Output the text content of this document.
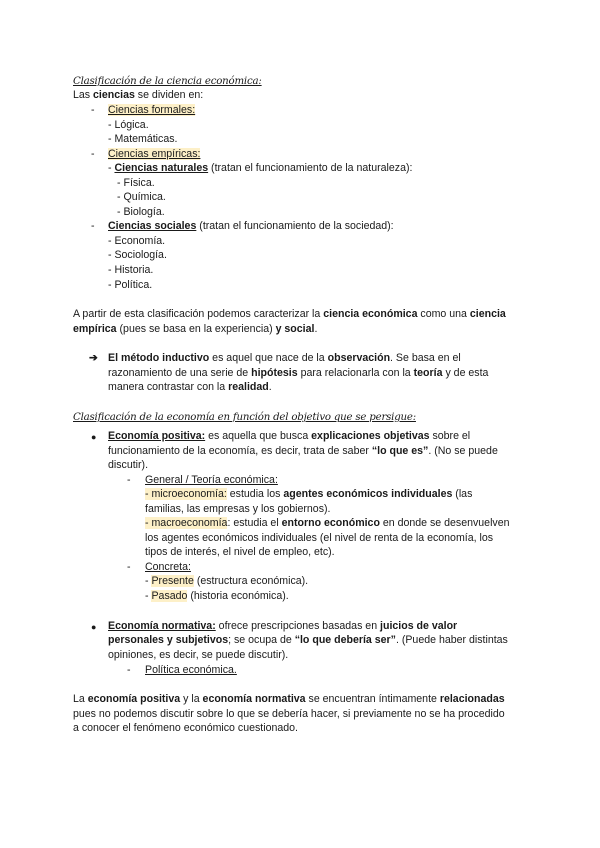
Clasificación de la ciencia económica:
Las ciencias se dividen en:
- Ciencias formales:
- Lógica.
- Matemáticas.
- Ciencias empíricas:
- Ciencias naturales (tratan el funcionamiento de la naturaleza):
- Física.
- Química.
- Biología.
- Ciencias sociales (tratan el funcionamiento de la sociedad):
- Economía.
- Sociología.
- Historia.
- Política.
A partir de esta clasificación podemos caracterizar la ciencia económica como una ciencia
empírica (pues se basa en la experiencia) y social.
➔ El método inductivo es aquel que nace de la observación. Se basa en el
razonamiento de una serie de hipótesis para relacionarla con la teoría y de esta
manera contrastar con la realidad.
Clasificación de la economía en función del objetivo que se persigue:
● Economía positiva: es aquella que busca explicaciones objetivas sobre el
funcionamiento de la economía, es decir, trata de saber “lo que es”. (No se puede
discutir).
- General / Teoría económica:
- microeconomía: estudia los agentes económicos individuales (las
familias, las empresas y los gobiernos).
- macroeconomía: estudia el entorno económico en donde se desenvuelven
los agentes económicos individuales (el nivel de renta de la economía, los
tipos de interés, el nivel de empleo, etc).
- Concreta:
- Presente (estructura económica).
- Pasado (historia económica).
● Economía normativa: ofrece prescripciones basadas en juicios de valor
personales y subjetivos; se ocupa de “lo que debería ser”. (Puede haber distintas
opiniones, es decir, se puede discutir).
- Política económica.
La economía positiva y la economía normativa se encuentran íntimamente relacionadas
pues no podemos discutir sobre lo que se debería hacer, si previamente no se ha procedido
a conocer el fenómeno económico cuestionado.
